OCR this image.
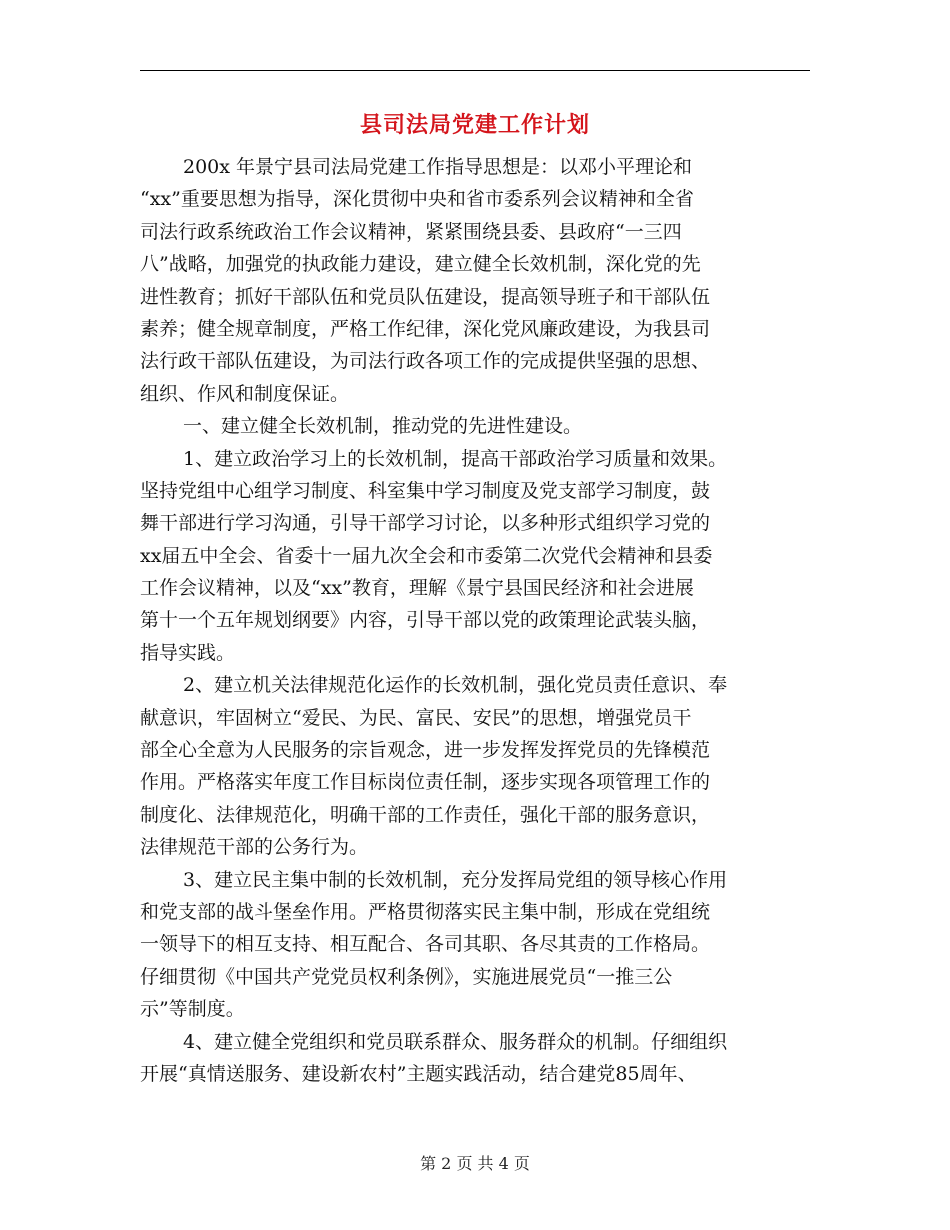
县司法局党建工作计划
200x 年景宁县司法局党建工作指导思想是：以邓小平理论和
“xx”重要思想为指导，深化贯彻中央和省市委系列会议精神和全省
司法行政系统政治工作会议精神，紧紧围绕县委、县政府“一三四
八”战略，加强党的执政能力建设，建立健全长效机制，深化党的先
进性教育；抓好干部队伍和党员队伍建设，提高领导班子和干部队伍
素养；健全规章制度，严格工作纪律，深化党风廉政建设，为我县司
法行政干部队伍建设，为司法行政各项工作的完成提供坚强的思想、
组织、作风和制度保证。
一、建立健全长效机制，推动党的先进性建设。
1、建立政治学习上的长效机制，提高干部政治学习质量和效果。
坚持党组中心组学习制度、科室集中学习制度及党支部学习制度，鼓
舞干部进行学习沟通，引导干部学习讨论，以多种形式组织学习党的
xx届五中全会、省委十一届九次全会和市委第二次党代会精神和县委
工作会议精神，以及“xx”教育，理解《景宁县国民经济和社会进展
第十一个五年规划纲要》内容，引导干部以党的政策理论武装头脑，
指导实践。
2、建立机关法律规范化运作的长效机制，强化党员责任意识、奉
献意识，牢固树立“爱民、为民、富民、安民”的思想，增强党员干
部全心全意为人民服务的宗旨观念，进一步发挥发挥党员的先锋模范
作用。严格落实年度工作目标岗位责任制，逐步实现各项管理工作的
制度化、法律规范化，明确干部的工作责任，强化干部的服务意识，
法律规范干部的公务行为。
3、建立民主集中制的长效机制，充分发挥局党组的领导核心作用
和党支部的战斗堡垒作用。严格贯彻落实民主集中制，形成在党组统
一领导下的相互支持、相互配合、各司其职、各尽其责的工作格局。
仔细贯彻《中国共产党党员权利条例》，实施进展党员“一推三公
示”等制度。
4、建立健全党组织和党员联系群众、服务群众的机制。仔细组织
开展“真情送服务、建设新农村”主题实践活动，结合建党85周年、
第 2 页 共 4 页
